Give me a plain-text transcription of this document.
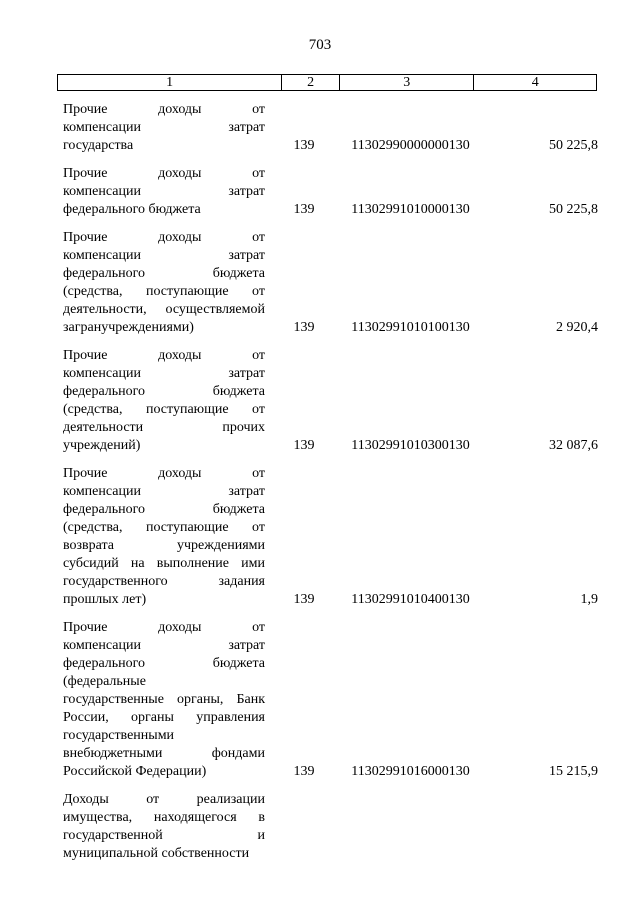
703
1	2	3	4
Прочие доходы от
компенсации затрат
государства	139	11302990000000130	50 225,8
Прочие доходы от
компенсации затрат
федерального бюджета	139	11302991010000130	50 225,8
Прочие доходы от
компенсации затрат
федерального бюджета
(средства, поступающие от
деятельности, осуществляемой
загранучреждениями)	139	11302991010100130	2 920,4
Прочие доходы от
компенсации затрат
федерального бюджета
(средства, поступающие от
деятельности прочих
учреждений)	139	11302991010300130	32 087,6
Прочие доходы от
компенсации затрат
федерального бюджета
(средства, поступающие от
возврата учреждениями
субсидий на выполнение ими
государственного задания
прошлых лет)	139	11302991010400130	1,9
Прочие доходы от
компенсации затрат
федерального бюджета
(федеральные
государственные органы, Банк
России, органы управления
государственными
внебюджетными фондами
Российской Федерации)	139	11302991016000130	15 215,9
Доходы от реализации
имущества, находящегося в
государственной и
муниципальной собственности
